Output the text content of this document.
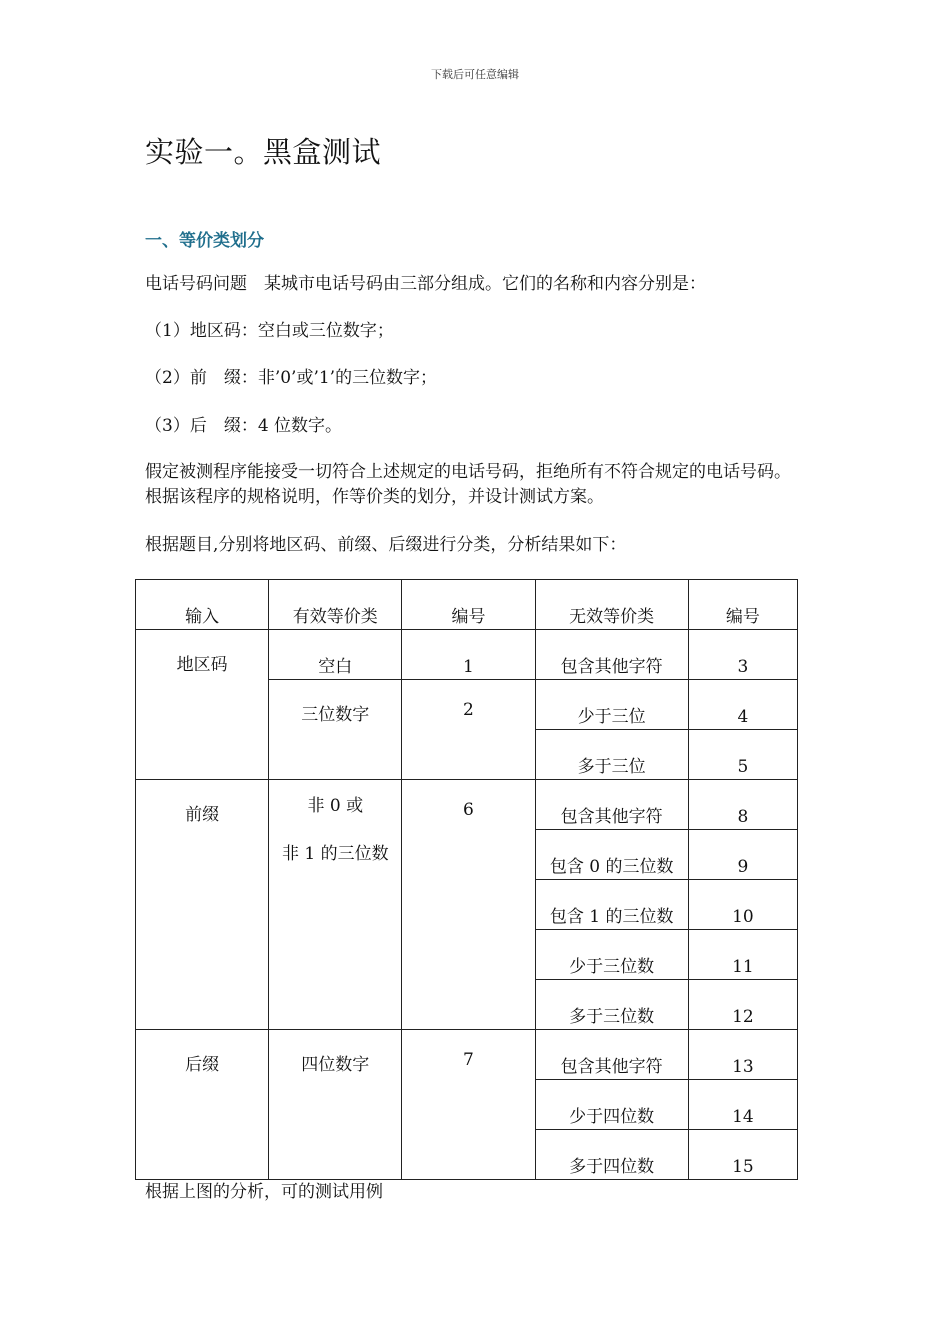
下载后可任意编辑
实验一。黑盒测试
一、等价类划分

电话号码问题　某城市电话号码由三部分组成。它们的名称和内容分别是：

（1）地区码：空白或三位数字；

（2）前　缀：非’0’或’1’的三位数字；

（3）后　缀：4 位数字。

假定被测程序能接受一切符合上述规定的电话号码，拒绝所有不符合规定的电话号码。根据该程序的规格说明，作等价类的划分，并设计测试方案。

根据题目,分别将地区码、前缀、后缀进行分类，分析结果如下：

输入	有效等价类	编号	无效等价类	编号
地区码	空白	1	包含其他字符	3
	三位数字	2	少于三位	4
			多于三位	5
前缀	非 0 或
非 1 的三位数	6	包含其他字符	8
			包含 0 的三位数	9
			包含 1 的三位数	10
			少于三位数	11
			多于三位数	12
后缀	四位数字	7	包含其他字符	13
			少于四位数	14
			多于四位数	15

根据上图的分析，可的测试用例
